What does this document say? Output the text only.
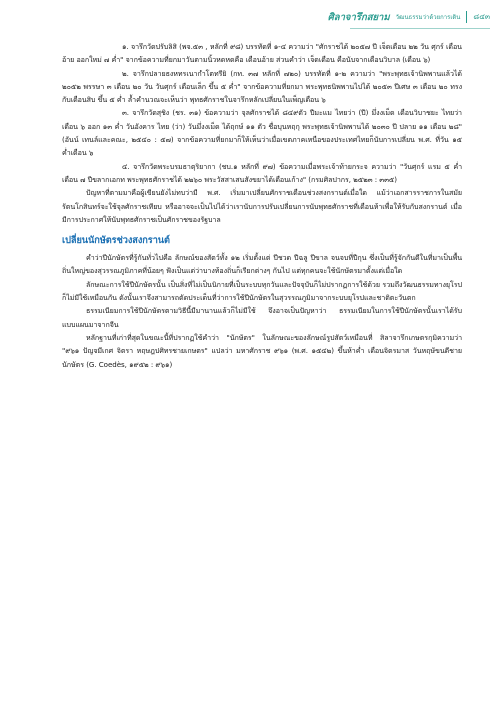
ศิลาจารึกสยาม วัฒนธรรมว่าด้วยการเดิน ๘๔๓

๑. จารึกวัดปรับลิสิ (พจ.๕๓ , หลักที่ ๙๘) บรรทัดที่ ๑-๔ ความว่า "ศักราชได้ ๒๐๕๗ ปี เจ็ดเดือน ๒๒ วัน ศุกร์ เดือนอ้าย ออกใหม่ ๗ ค่ำ" จากข้อความที่ยกมาวันตามนิ้วหดหดคือ เดือนอ้าย ส่วนคำว่า เจ็ดเดือน คือนับจากเดือนวิบาล (เดือน ๖)

๒. จารึกปลายธงหทรเนากำโตทรียิ (กท. ๓๗ หลักที่ ๗๒๐) บรรทัดที่ ๑-๒ ความว่า "พระพุทธเจ้านิพพานแล้วได้ ๒๐๕๒ พรรษา ๓ เดือน ๒๐ วัน วันศุกร์ เดือนเล็ก ขึ้น ๕ ค่ำ" จากข้อความที่ยกมา พระพุทธนิพพานไปได้ ๒๐๕๓ ปีเศษ ๓ เดือน ๒๐ ทรงกับเดือนสิบ ขึ้น ๕ ค่ำ ล้ำคำนวณจะเห็นว่า พุทธศักราชในจารึกหลักเปลี่ยนในเพ็ญเดือน ๖

๓. จารึกวัดสุชิง (ชร. ๓๑) ข้อความว่า จุลศักราชได้ ๘๔๙ตัว ปีมะแม ไทยว่า (ปี) มึ่งงเม็ด เดือนวิบาชยะ ไทยว่าเดือน ๖ ออก ๑๓ ค่ำ วันอังคาร ไทย (ว่า) วันมึ่งงเม็ด ได้ฤกษ์ ๑๑ ตัว ชื่อบุนหฤกุ พระพุทธเจ้านิพพานได้ ๒๐๓๐ ปี ปลาย ๑๑ เดือน ๒๘" (อันน์ เทนล์และคณะ, ๒๕๔๐ : ๕๗) จากข้อความที่ยกมาก็ให้เห็นว่าเมื่อเขตภาคเหนือของประเทศไทยก็นับการเปลี่ยน พ.ศ. ที่วัน ๑๕ ค่ำเดือน ๖

๔. จารึกวัดพระบรมธาตุริยากา (ชบ.๑ หลักที่ ๙๗) ข้อความเมื่อพระเจ้าท้ายกระจ ความว่า "วันศุกร์ แรม ๕ ค่ำเดือน ๗ ปีขลากเอกท พระพุทธศักราชได้ ๒๒๖๐ พระวัสสาเสนสังขยาได้เดือนเก้าง" (กรมศิลปากร, ๒๕๒๓ : ๓๓๕)

ปัญหาที่ตามมาคือผู้เขียนยังไม่ทบว่ามี พ.ศ. เริ่มมาเปลี่ยนศักราชเดือนช่วงสงกรานต์เมื่อใด แม้ว่าเอกสารราชการในสมัยรัตนโกสินทร์จะใช้จุลศักราชเทียบ หรืออาจจะเป็นไปได้ว่าเรานับการปรับเปลี่ยนการนับพุทธศักราชที่เดือนห้าเพื่อให้รับกับสงกรานต์ เมื่อมีการประกาศให้นับพุทธศักราชเป็นศักราชของรัฐบาล

เปลี่ยนนักษัตรช่วงสงกรานต์

คำว่าปีนักษัตรที่รู้กันทั่วไปคือ ลักษณ์ของสัตว์ทั้ง ๑๒ เริ่มตั้งแต่ ปีชวด ปีฉลู ปีขาล จนจบที่ปีกุน ซึ่งเป็นที่รู้จักกันดีในที่มาเป็นพื้นถิ่นใหญ่ของสุวรรณภูมิภาคที่น้อยๆ ฟังเป็นแต่ว่าบางท้องถิ่นก็เรียกต่างๆ กันไป แต่ทุกคนจะใช้นักษัตรมาตั้งแต่เมื่อใด

ลักษณะการใช้ปีนักษัตรนั้น เป็นสิ่งที่ไม่เป็นนิกายที่เป็นระบบทุกวันและปัจจุบันก็ไม่ปรากฏการใช้ด้วย รวมถึงวัฒนธรรมทางยุโรปก็ไม่มีใช้เหมือนกัน ดังนั้นเราจึงสามารถตัดประเด็นที่ว่าการใช้ปีนักษัตรในสุวรรณภูมิมาจากระบบยุโรปและชาติตะวันตก

ธรรมเนียมการใช้ปีนักษัตรตามวิธีนี้มีมานานแล้วก็ไม่มีใช้ จึงอาจเป็นปัญหาว่า ธรรมเนียมในการใช้ปีนักษัตรนั้นเราได้รับแบบแผนมาจากจีน

หลักฐานที่เก่าที่สุดในขณะนี้ที่ปรากฏใช้คำว่า "นักษัตร" ในลักษณะของลักษณ์รูปสัตว์เหมือนที่ สิลาจารึกเกษตรกุมิความว่า "๙๖๑ ปัญจมีเกศ จิตรา หฤษฎปศิทรชายเกษตร" แปลว่า มหาศักราช ๙๖๑ (พ.ศ. ๑๕๔๒) ขึ้นห้าค่ำ เดือนจิตรมาส วันหฤษัขนดีชายนักษัตร (G. Coedès, ๑๙๕๒ : ๙๖๑)
